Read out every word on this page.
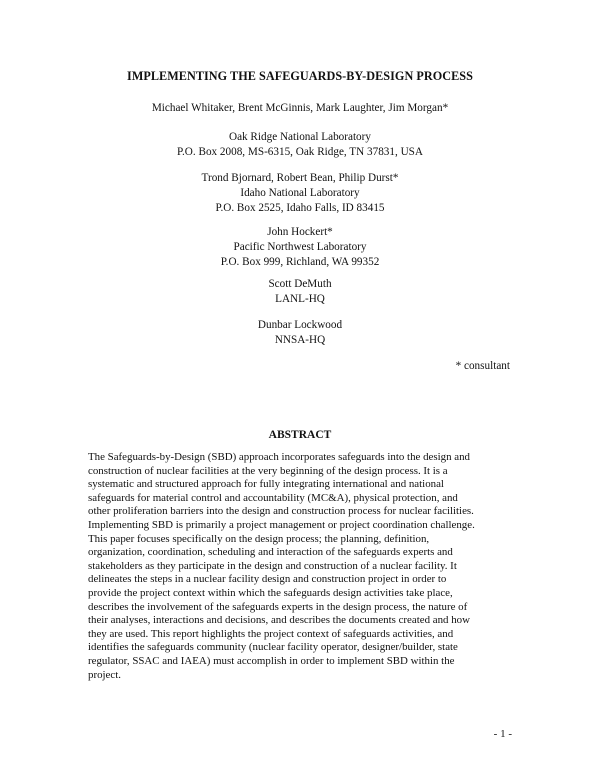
IMPLEMENTING THE SAFEGUARDS-BY-DESIGN PROCESS
Michael Whitaker, Brent McGinnis, Mark Laughter, Jim Morgan*
Oak Ridge National Laboratory
P.O. Box 2008, MS-6315, Oak Ridge, TN 37831, USA
Trond Bjornard, Robert Bean, Philip Durst*
Idaho National Laboratory
P.O. Box 2525, Idaho Falls, ID 83415
John Hockert*
Pacific Northwest Laboratory
P.O. Box 999, Richland, WA 99352
Scott DeMuth
LANL-HQ
Dunbar Lockwood
NNSA-HQ
* consultant
ABSTRACT
The Safeguards-by-Design (SBD) approach incorporates safeguards into the design and
construction of nuclear facilities at the very beginning of the design process. It is a
systematic and structured approach for fully integrating international and national
safeguards for material control and accountability (MC&A), physical protection, and
other proliferation barriers into the design and construction process for nuclear facilities.
Implementing SBD is primarily a project management or project coordination challenge.
This paper focuses specifically on the design process; the planning, definition,
organization, coordination, scheduling and interaction of the safeguards experts and
stakeholders as they participate in the design and construction of a nuclear facility. It
delineates the steps in a nuclear facility design and construction project in order to
provide the project context within which the safeguards design activities take place,
describes the involvement of the safeguards experts in the design process, the nature of
their analyses, interactions and decisions, and describes the documents created and how
they are used. This report highlights the project context of safeguards activities, and
identifies the safeguards community (nuclear facility operator, designer/builder, state
regulator, SSAC and IAEA) must accomplish in order to implement SBD within the
project.
- 1 -
